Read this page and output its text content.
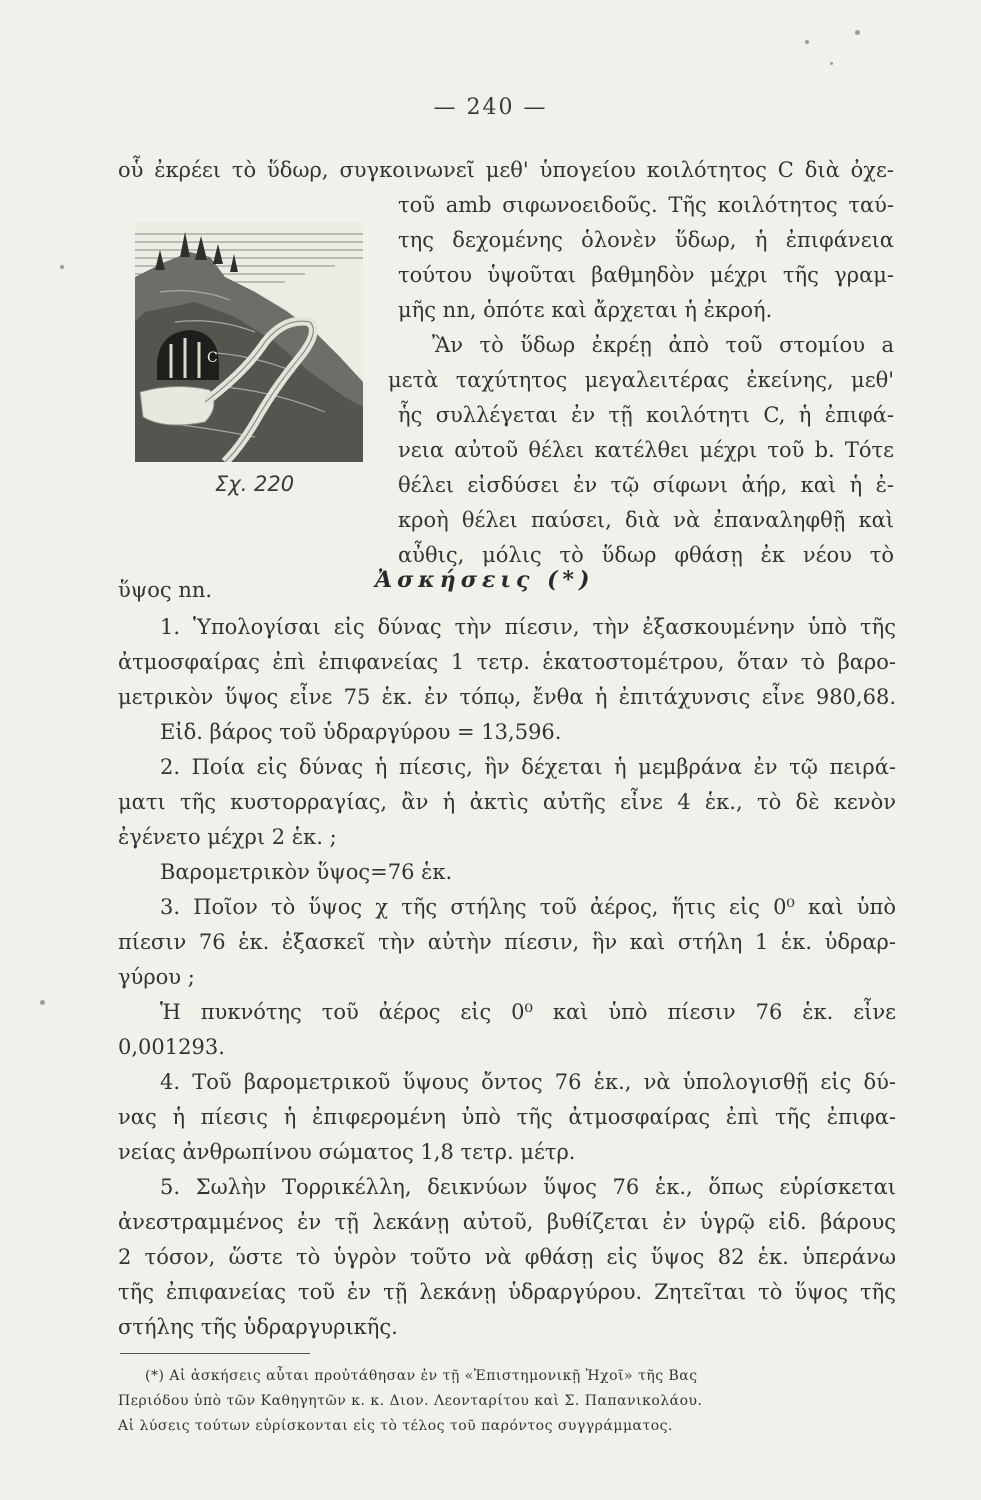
— 240 —
οὗ ἐκρέει τὸ ὕδωρ, συγκοινωνεῖ μεθ' ὑπογείου κοιλότητος C διὰ ὀχε-
τοῦ amb σιφωνοειδοῦς. Τῆς κοιλότητος ταύ-
της δεχομένης ὁλονὲν ὕδωρ, ἡ ἐπιφάνεια
τούτου ὑψοῦται βαθμηδὸν μέχρι τῆς γραμ-
μῆς nn, ὁπότε καὶ ἄρχεται ἡ ἐκροή.
Ἂν τὸ ὕδωρ ἐκρέῃ ἀπὸ τοῦ στομίου a
μετὰ ταχύτητος μεγαλειτέρας ἐκείνης, μεθ'
ἧς συλλέγεται ἐν τῇ κοιλότητι C, ἡ ἐπιφά-
νεια αὐτοῦ θέλει κατέλθει μέχρι τοῦ b. Τότε
θέλει εἰσδύσει ἐν τῷ σίφωνι ἀήρ, καὶ ἡ ἐ-
κροὴ θέλει παύσει, διὰ νὰ ἐπαναληφθῇ καὶ
αὖθις, μόλις τὸ ὕδωρ φθάσῃ ἐκ νέου τὸ
ὕψος nn.
C
Σχ. 220
Ἀσκήσεις (*)
1. Ὑπολογίσαι εἰς δύνας τὴν πίεσιν, τὴν ἐξασκουμένην ὑπὸ τῆς
ἀτμοσφαίρας ἐπὶ ἐπιφανείας 1 τετρ. ἑκατοστομέτρου, ὅταν τὸ βαρο-
μετρικὸν ὕψος εἶνε 75 ἑκ. ἐν τόπῳ, ἔνθα ἡ ἐπιτάχυνσις εἶνε 980,68.
Εἰδ. βάρος τοῦ ὑδραργύρου = 13,596.
2. Ποία εἰς δύνας ἡ πίεσις, ἣν δέχεται ἡ μεμβράνα ἐν τῷ πειρά-
ματι τῆς κυστορραγίας, ἂν ἡ ἀκτὶς αὐτῆς εἶνε 4 ἑκ., τὸ δὲ κενὸν
ἐγένετο μέχρι 2 ἑκ. ;
Βαρομετρικὸν ὕψος=76 ἑκ.
3. Ποῖον τὸ ὕψος χ τῆς στήλης τοῦ ἀέρος, ἥτις εἰς 0⁰ καὶ ὑπὸ
πίεσιν 76 ἑκ. ἐξασκεῖ τὴν αὐτὴν πίεσιν, ἣν καὶ στήλη 1 ἑκ. ὑδραρ-
γύρου ;
Ἡ πυκνότης τοῦ ἀέρος εἰς 0⁰ καὶ ὑπὸ πίεσιν 76 ἑκ. εἶνε
0,001293.
4. Τοῦ βαρομετρικοῦ ὕψους ὄντος 76 ἑκ., νὰ ὑπολογισθῇ εἰς δύ-
νας ἡ πίεσις ἡ ἐπιφερομένη ὑπὸ τῆς ἀτμοσφαίρας ἐπὶ τῆς ἐπιφα-
νείας ἀνθρωπίνου σώματος 1,8 τετρ. μέτρ.
5. Σωλὴν Τορρικέλλη, δεικνύων ὕψος 76 ἑκ., ὅπως εὑρίσκεται
ἀνεστραμμένος ἐν τῇ λεκάνῃ αὐτοῦ, βυθίζεται ἐν ὑγρῷ εἰδ. βάρους
2 τόσον, ὥστε τὸ ὑγρὸν τοῦτο νὰ φθάσῃ εἰς ὕψος 82 ἑκ. ὑπεράνω
τῆς ἐπιφανείας τοῦ ἐν τῇ λεκάνῃ ὑδραργύρου. Ζητεῖται τὸ ὕψος τῆς
στήλης τῆς ὑδραργυρικῆς.
(*) Αἱ ἀσκήσεις αὗται προὐτάθησαν ἐν τῇ «Ἐπιστημονικῇ Ἠχοῖ» τῆς Βας
Περιόδου ὑπὸ τῶν Καθηγητῶν κ. κ. Διον. Λεονταρίτου καὶ Σ. Παπανικολάου.
Αἱ λύσεις τούτων εὑρίσκονται εἰς τὸ τέλος τοῦ παρόντος συγγράμματος.
